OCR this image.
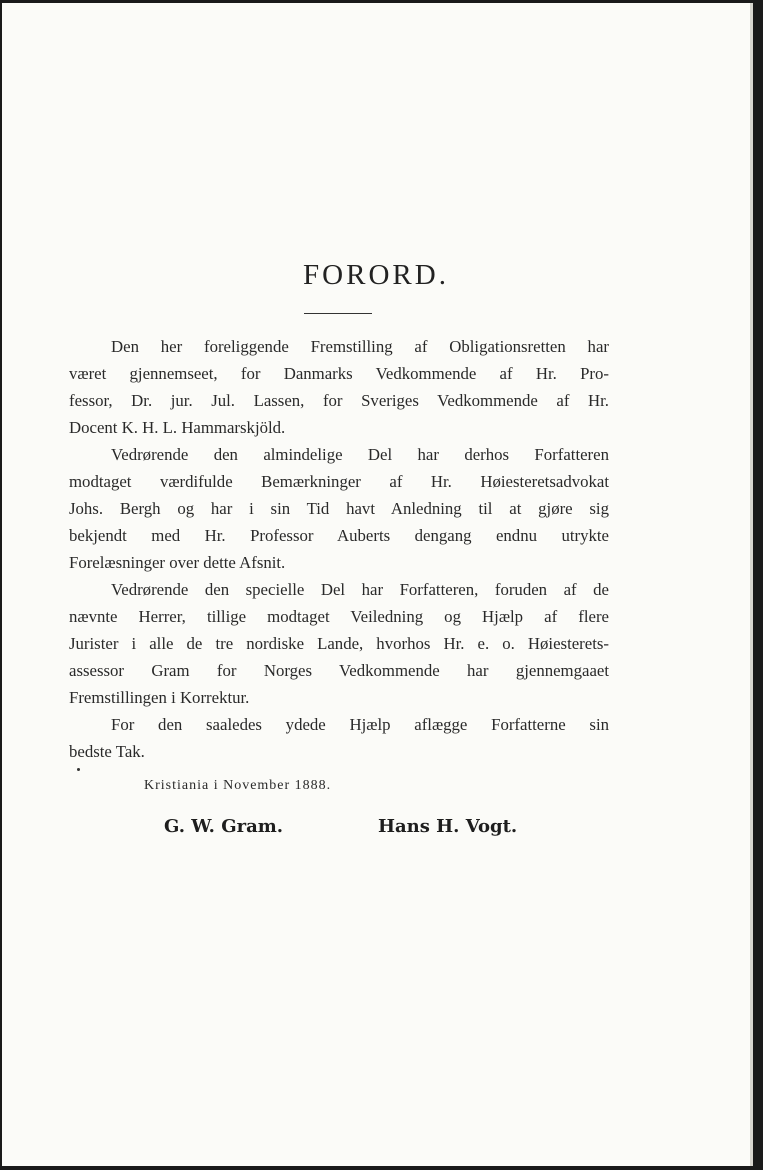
FORORD.

Den her foreliggende Fremstilling af Obligationsretten har
været gjennemseet, for Danmarks Vedkommende af Hr. Pro-
fessor, Dr. jur. Jul. Lassen, for Sveriges Vedkommende af Hr.
Docent K. H. L. Hammarskjöld.

Vedrørende den almindelige Del har derhos Forfatteren
modtaget værdifulde Bemærkninger af Hr. Høiesteretsadvokat
Johs. Bergh og har i sin Tid havt Anledning til at gjøre sig
bekjendt med Hr. Professor Auberts dengang endnu utrykte
Forelæsninger over dette Afsnit.

Vedrørende den specielle Del har Forfatteren, foruden af de
nævnte Herrer, tillige modtaget Veiledning og Hjælp af flere
Jurister i alle de tre nordiske Lande, hvorhos Hr. e. o. Høiesterets-
assessor Gram for Norges Vedkommende har gjennemgaaet
Fremstillingen i Korrektur.

For den saaledes ydede Hjælp aflægge Forfatterne sin
bedste Tak.

Kristiania i November 1888.
G. W. Gram.	Hans H. Vogt.
